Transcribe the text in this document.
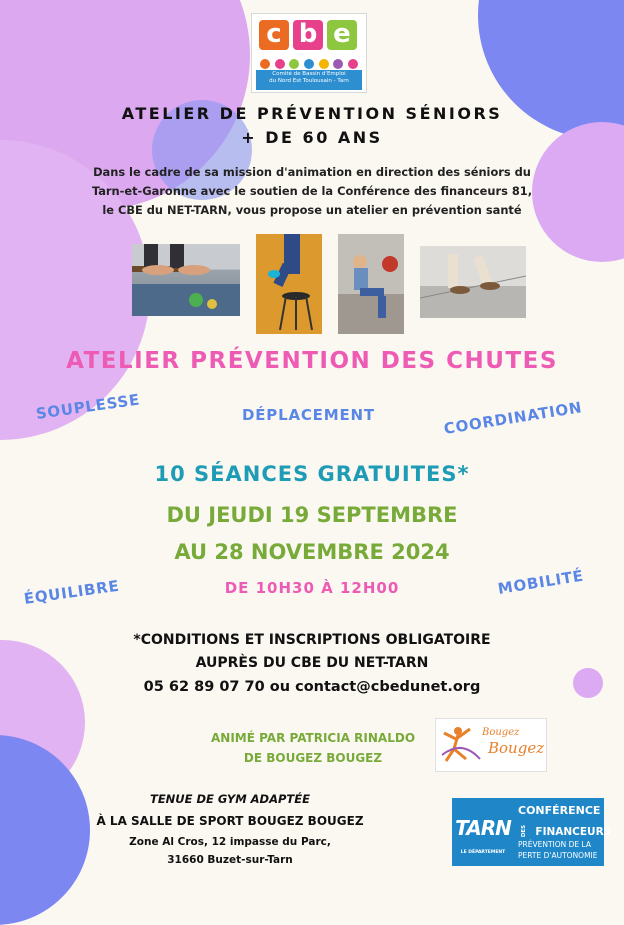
c b e
Comité de Bassin d'Emploi
du Nord Est Toulousain - Tarn
ATELIER DE PRÉVENTION SÉNIORS
+ DE 60 ANS
Dans le cadre de sa mission d'animation en direction des séniors du
Tarn-et-Garonne avec le soutien de la Conférence des financeurs 81,
le CBE du NET-TARN, vous propose un atelier en prévention santé
ATELIER PRÉVENTION DES CHUTES
SOUPLESSE	DÉPLACEMENT	COORDINATION
ÉQUILIBRE	MOBILITÉ
10 SÉANCES GRATUITES*
DU JEUDI 19 SEPTEMBRE
AU 28 NOVEMBRE 2024
DE 10H30 À 12H00
*CONDITIONS ET INSCRIPTIONS OBLIGATOIRE
AUPRÈS DU CBE DU NET-TARN
05 62 89 07 70 ou contact@cbedunet.org
ANIMÉ PAR PATRICIA RINALDO
DE BOUGEZ BOUGEZ
Bougez
Bougez
TENUE DE GYM ADAPTÉE
À LA SALLE DE SPORT BOUGEZ BOUGEZ
Zone Al Cros, 12 impasse du Parc,
31660 Buzet-sur-Tarn
TARN
LE DÉPARTEMENT
CONFÉRENCE
DES FINANCEURS
PRÉVENTION DE LA
PERTE D'AUTONOMIE
